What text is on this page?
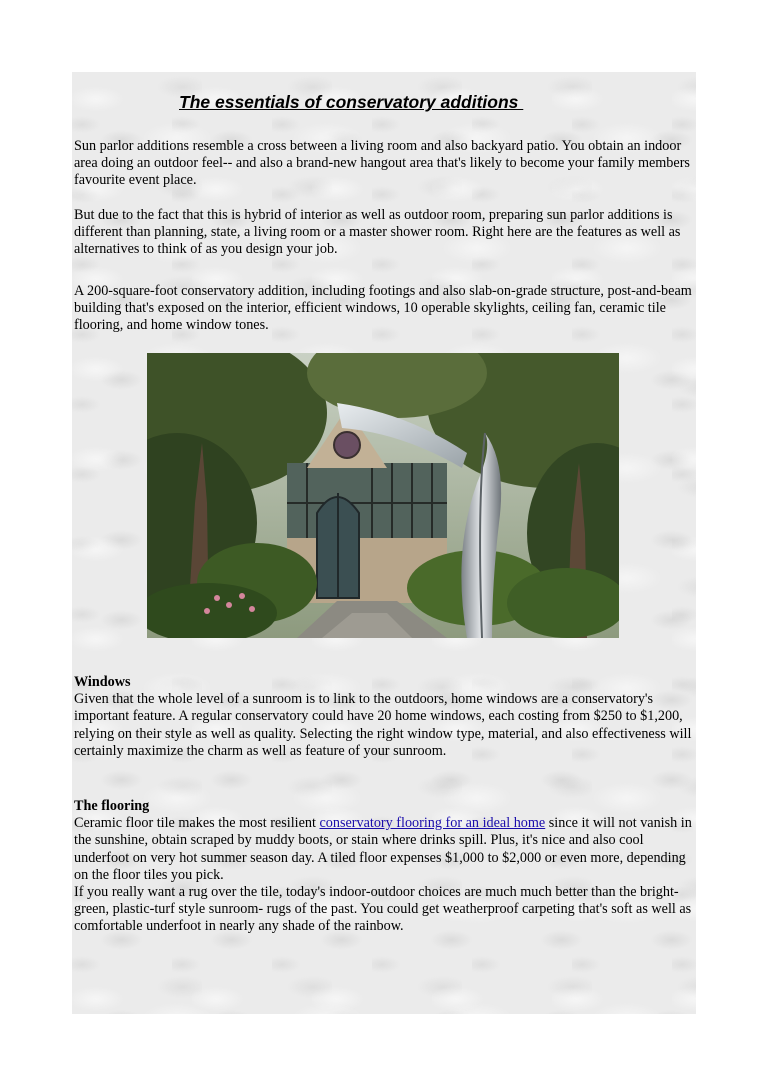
The essentials of conservatory additions

Sun parlor additions resemble a cross between a living room and also backyard patio. You obtain an indoor area doing an outdoor feel-- and also a brand-new hangout area that's likely to become your family members favourite event place.

But due to the fact that this is hybrid of interior as well as outdoor room, preparing sun parlor additions is different than planning, state, a living room or a master shower room. Right here are the features as well as alternatives to think of as you design your job.

A 200-square-foot conservatory addition, including footings and also slab-on-grade structure, post-and-beam building that's exposed on the interior, efficient windows, 10 operable skylights, ceiling fan, ceramic tile flooring, and home window tones.

Windows
Given that the whole level of a sunroom is to link to the outdoors, home windows are a conservatory's important feature. A regular conservatory could have 20 home windows, each costing from $250 to $1,200, relying on their style as well as quality. Selecting the right window type, material, and also effectiveness will certainly maximize the charm as well as feature of your sunroom.

The flooring
Ceramic floor tile makes the most resilient conservatory flooring for an ideal home since it will not vanish in the sunshine, obtain scraped by muddy boots, or stain where drinks spill. Plus, it's nice and also cool underfoot on very hot summer season day. A tiled floor expenses $1,000 to $2,000 or even more, depending on the floor tiles you pick.
If you really want a rug over the tile, today's indoor-outdoor choices are much much better than the bright-green, plastic-turf style sunroom- rugs of the past. You could get weatherproof carpeting that's soft as well as comfortable underfoot in nearly any shade of the rainbow.
